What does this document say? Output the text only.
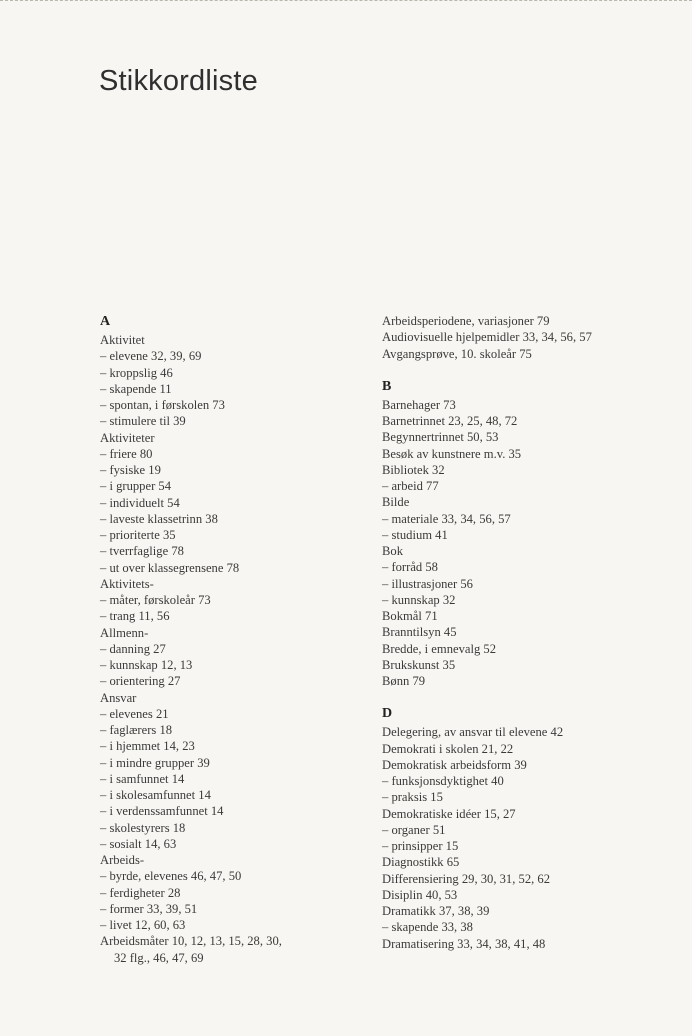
Stikkordliste
A
Aktivitet
– elevene 32, 39, 69
– kroppslig 46
– skapende 11
– spontan, i førskolen 73
– stimulere til 39
Aktiviteter
– friere 80
– fysiske 19
– i grupper 54
– individuelt 54
– laveste klassetrinn 38
– prioriterte 35
– tverrfaglige 78
– ut over klassegrensene 78
Aktivitets-
– måter, førskoleår 73
– trang 11, 56
Allmenn-
– danning 27
– kunnskap 12, 13
– orientering 27
Ansvar
– elevenes 21
– faglærers 18
– i hjemmet 14, 23
– i mindre grupper 39
– i samfunnet 14
– i skolesamfunnet 14
– i verdenssamfunnet 14
– skolestyrers 18
– sosialt 14, 63
Arbeids-
– byrde, elevenes 46, 47, 50
– ferdigheter 28
– former 33, 39, 51
– livet 12, 60, 63
Arbeidsmåter 10, 12, 13, 15, 28, 30,
32 flg., 46, 47, 69
Arbeidsperiodene, variasjoner 79
Audiovisuelle hjelpemidler 33, 34, 56, 57
Avgangsprøve, 10. skoleår 75
B
Barnehager 73
Barnetrinnet 23, 25, 48, 72
Begynnertrinnet 50, 53
Besøk av kunstnere m.v. 35
Bibliotek 32
– arbeid 77
Bilde
– materiale 33, 34, 56, 57
– studium 41
Bok
– forråd 58
– illustrasjoner 56
– kunnskap 32
Bokmål 71
Branntilsyn 45
Bredde, i emnevalg 52
Brukskunst 35
Bønn 79
D
Delegering, av ansvar til elevene 42
Demokrati i skolen 21, 22
Demokratisk arbeidsform 39
– funksjonsdyktighet 40
– praksis 15
Demokratiske idéer 15, 27
– organer 51
– prinsipper 15
Diagnostikk 65
Differensiering 29, 30, 31, 52, 62
Disiplin 40, 53
Dramatikk 37, 38, 39
– skapende 33, 38
Dramatisering 33, 34, 38, 41, 48
